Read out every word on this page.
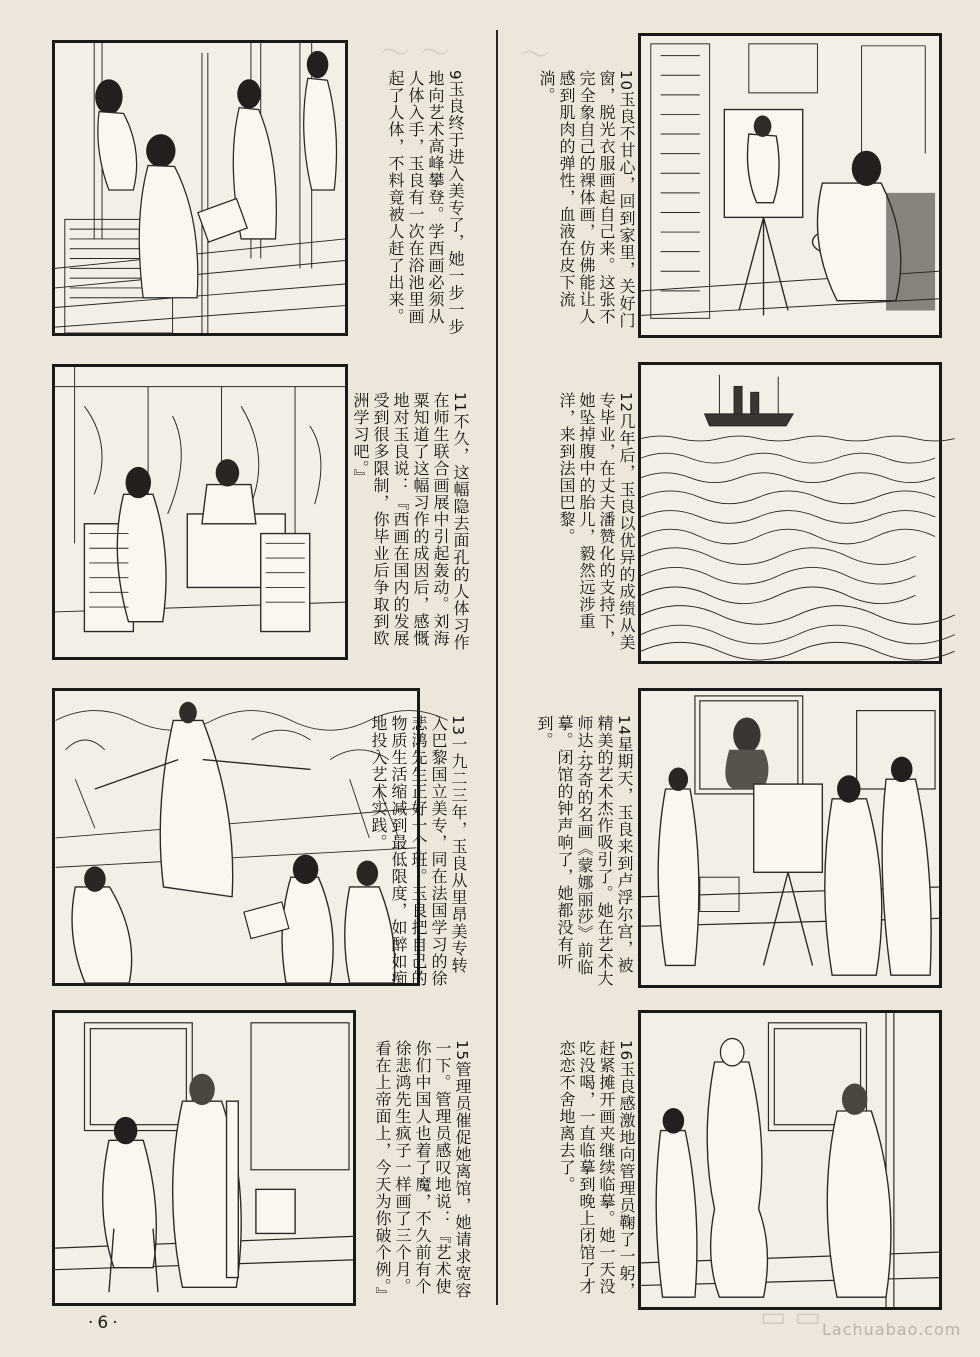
～～ ～
9玉良终于进入美专了，她一步一步地向艺术高峰攀登。学西画必须从人体入手，玉良有一次在浴池里画起了人体，不料竟被人赶了出来。	10玉良不甘心，回到家里，关好门窗，脱光衣服画起自己来。这张不完全象自己的裸体画，仿佛能让人感到肌肉的弹性，血液在皮下流淌。
11不久，这幅隐去面孔的人体习作在师生联合画展中引起轰动。刘海粟知道了这幅习作的成因后，感慨地对玉良说：『西画在国内的发展受到很多限制，你毕业后争取到欧洲学习吧。』	12几年后，玉良以优异的成绩从美专毕业，在丈夫潘赞化的支持下，她坠掉腹中的胎儿，毅然远涉重洋，来到法国巴黎。
13一九二三年，玉良从里昂美专转入巴黎国立美专，同在法国学习的徐悲鸿先生正好一个班。玉良把自己的物质生活缩减到最低限度，如醉如痴地投入艺术实践。	14星期天，玉良来到卢浮尔宫，被精美的艺术杰作吸引了。她在艺术大师达·芬奇的名画《蒙娜丽莎》前临摹。闭馆的钟声响了，她都没有听到。
15管理员催促她离馆，她请求宽容一下。管理员感叹地说：『艺术使你们中国人也着了魔，不久前有个徐悲鸿先生疯子一样画了三个月。看在上帝面上，今天为你破个例。』	16玉良感激地向管理员鞠了一躬，赶紧摊开画夹继续临摹。她一天没吃没喝，一直临摹到晚上闭馆了才恋恋不舍地离去了。
·6·	▭▭
Lachuabao.com
